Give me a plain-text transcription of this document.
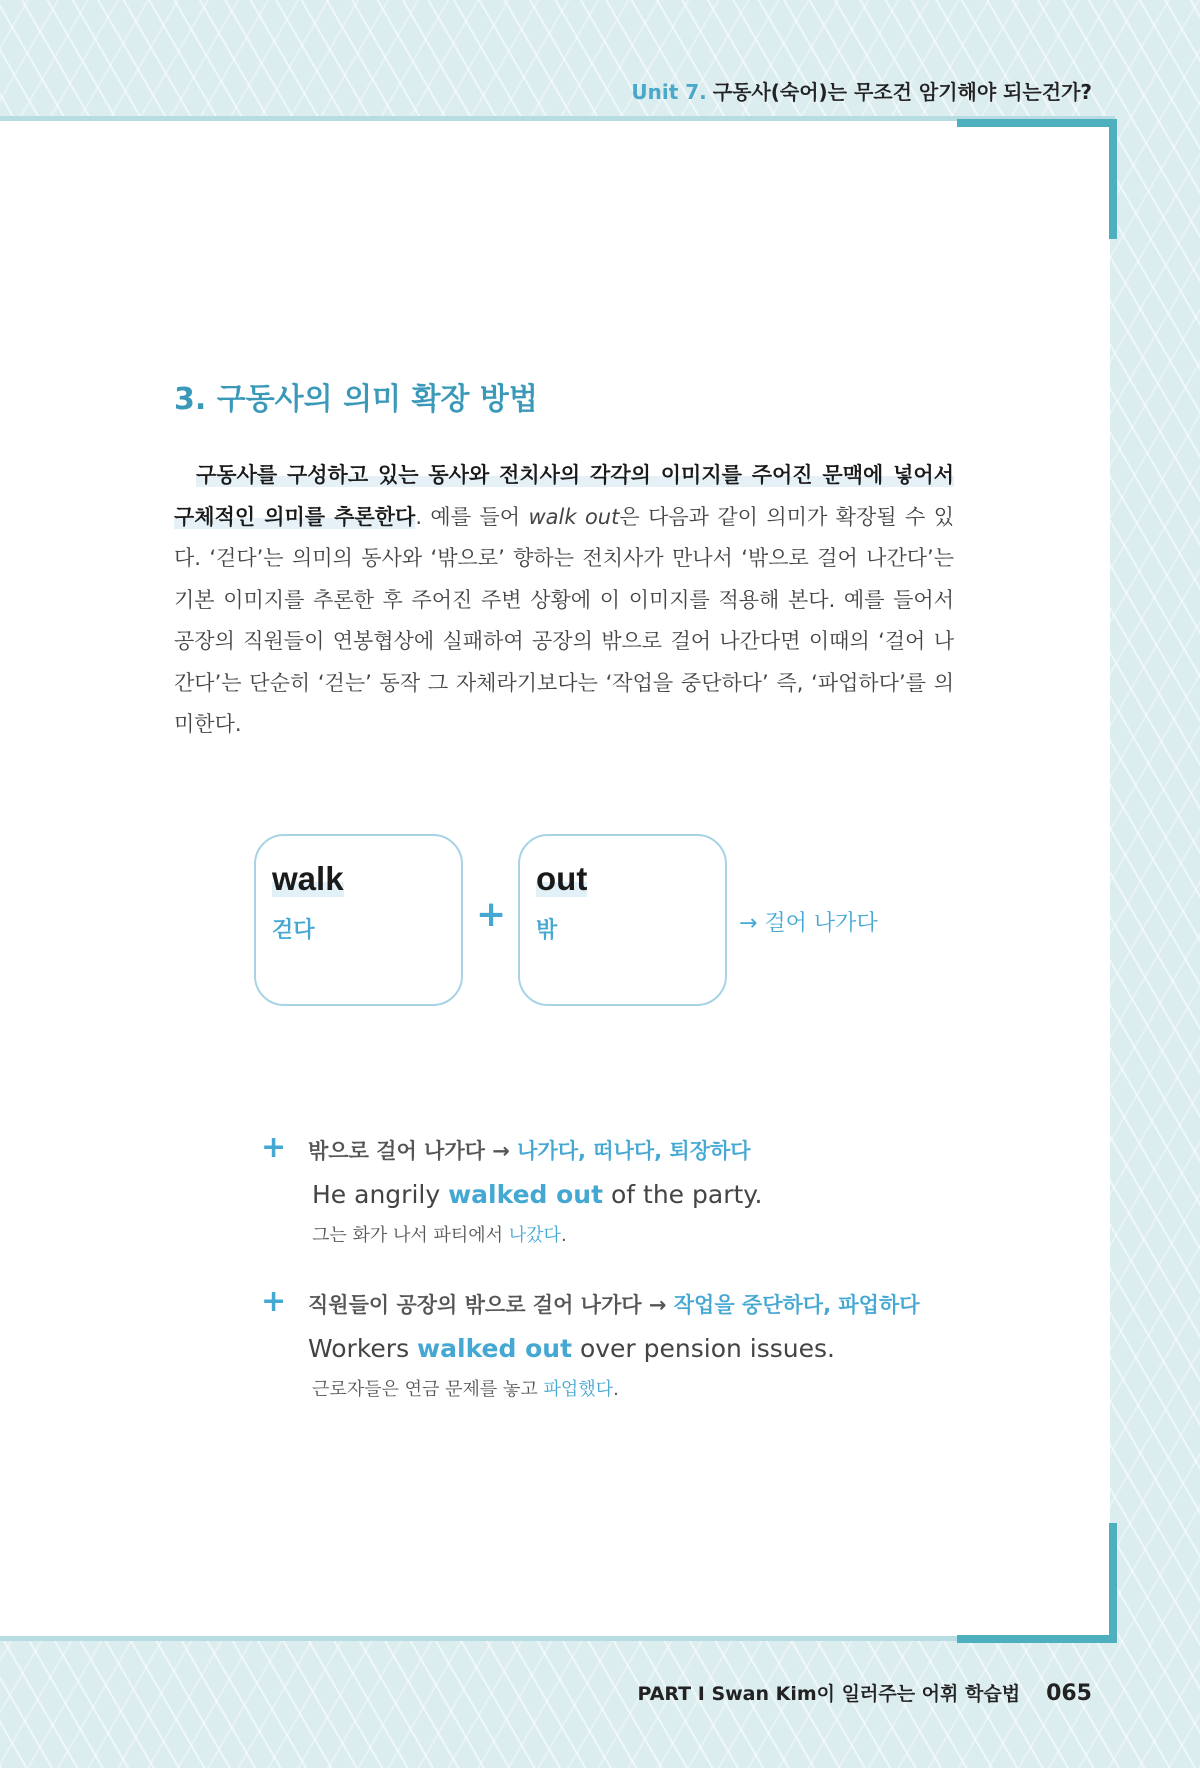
Unit 7. 구동사(숙어)는 무조건 암기해야 되는건가?
3. 구동사의 의미 확장 방법
구동사를 구성하고 있는 동사와 전치사의 각각의 이미지를 주어진 문맥에 넣어서 구체적인 의미를 추론한다. 예를 들어 walk out은 다음과 같이 의미가 확장될 수 있다. ‘걷다’는 의미의 동사와 ‘밖으로’ 향하는 전치사가 만나서 ‘밖으로 걸어 나간다’는 기본 이미지를 추론한 후 주어진 주변 상황에 이 이미지를 적용해 본다. 예를 들어서 공장의 직원들이 연봉협상에 실패하여 공장의 밖으로 걸어 나간다면 이때의 ‘걸어 나간다’는 단순히 ‘걷는’ 동작 그 자체라기보다는 ‘작업을 중단하다’ 즉, ‘파업하다’를 의미한다.
walk
걷다	+
out
밖	→ 걸어 나가다
+ 밖으로 걸어 나가다 → 나가다, 떠나다, 퇴장하다
He angrily walked out of the party.
그는 화가 나서 파티에서 나갔다.
+ 직원들이 공장의 밖으로 걸어 나가다 → 작업을 중단하다, 파업하다
Workers walked out over pension issues.
근로자들은 연금 문제를 놓고 파업했다.
PART I Swan Kim이 일러주는 어휘 학습법 065
